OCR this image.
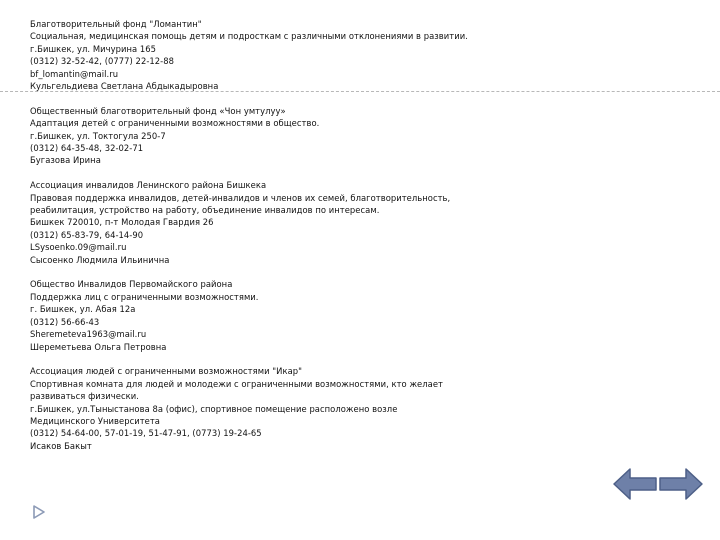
Благотворительный фонд "Ломантин"
Социальная, медицинская помощь детям и подросткам с различными отклонениями в развитии.
г.Бишкек, ул. Мичурина 165
(0312) 32-52-42, (0777) 22-12-88
bf_lomantin@mail.ru
Кульгельдиева Светлана Абдыкадыровна
Общественный благотворительный фонд «Чон умтулуу»
Адаптация детей с ограниченными возможностями в общество.
г.Бишкек, ул. Токтогула 250-7
(0312) 64-35-48, 32-02-71
Бугазова Ирина
Ассоциация инвалидов Ленинского района Бишкека
Правовая поддержка инвалидов, детей-инвалидов и членов их семей, благотворительность,
реабилитация, устройство на работу, объединение инвалидов по интересам.
Бишкек 720010, п-т Молодая Гвардия 26
(0312) 65-83-79, 64-14-90
LSysoenko.09@mail.ru
Сысоенко Людмила Ильинична
Общество Инвалидов Первомайского района
Поддержка лиц с ограниченными возможностями.
г. Бишкек, ул. Абая 12а
(0312) 56-66-43
Sheremeteva1963@mail.ru
Шереметьева Ольга Петровна
Ассоциация людей с ограниченными возможностями "Икар"
Спортивная комната для людей и молодежи с ограниченными возможностями, кто желает
развиваться физически.
г.Бишкек, ул.Тыныстанова 8а (офис), спортивное помещение расположено возле
Медицинского Университета
(0312) 54-64-00, 57-01-19, 51-47-91, (0773) 19-24-65
Исаков Бакыт
